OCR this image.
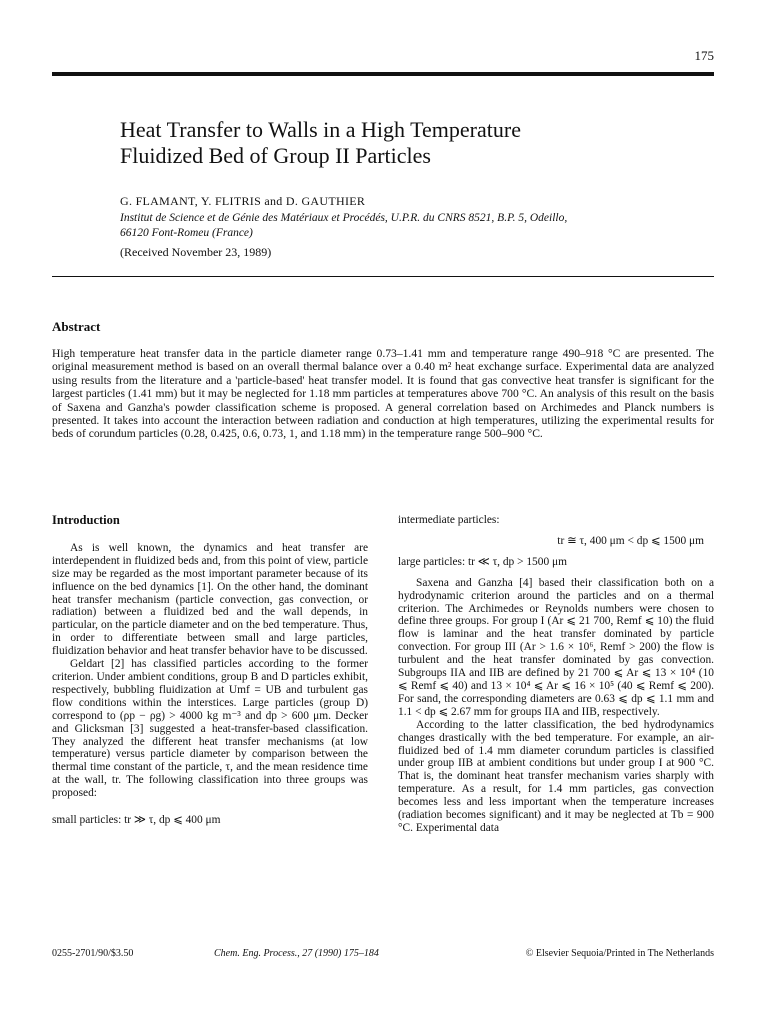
175
Heat Transfer to Walls in a High Temperature
Fluidized Bed of Group II Particles
G. FLAMANT, Y. FLITRIS and D. GAUTHIER
Institut de Science et de Génie des Matériaux et Procédés, U.P.R. du CNRS 8521, B.P. 5, Odeillo,
66120 Font-Romeu (France)
(Received November 23, 1989)
Abstract
High temperature heat transfer data in the particle diameter range 0.73–1.41 mm and temperature range 490–918 °C are presented. The original measurement method is based on an overall thermal balance over a 0.40 m² heat exchange surface. Experimental data are analyzed using results from the literature and a 'particle-based' heat transfer model. It is found that gas convective heat transfer is significant for the largest particles (1.41 mm) but it may be neglected for 1.18 mm particles at temperatures above 700 °C. An analysis of this result on the basis of Saxena and Ganzha's powder classification scheme is proposed. A general correlation based on Archimedes and Planck numbers is presented. It takes into account the interaction between radiation and conduction at high temperatures, utilizing the experimental results for beds of corundum particles (0.28, 0.425, 0.6, 0.73, 1, and 1.18 mm) in the temperature range 500–900 °C.

Introduction

As is well known, the dynamics and heat transfer are interdependent in fluidized beds and, from this point of view, particle size may be regarded as the most important parameter because of its influence on the bed dynamics [1]. On the other hand, the dominant heat transfer mechanism (particle convection, gas convection, or radiation) between a fluidized bed and the wall depends, in particular, on the particle diameter and on the bed temperature. Thus, in order to differentiate between small and large particles, fluidization behavior and heat transfer behavior have to be discussed.

Geldart [2] has classified particles according to the former criterion. Under ambient conditions, group B and D particles exhibit, respectively, bubbling fluidization at Umf = UB and turbulent gas flow conditions within the interstices. Large particles (group D) correspond to (ρp − ρg) > 4000 kg m⁻³ and dp > 600 μm. Decker and Glicksman [3] suggested a heat-transfer-based classification. They analyzed the different heat transfer mechanisms (at low temperature) versus particle diameter by comparison between the thermal time constant of the particle, τ, and the mean residence time at the wall, tr. The following classification into three groups was proposed:

small particles: tr ≫ τ, dp ⩽ 400 μm

intermediate particles:

tr ≅ τ, 400 μm < dp ⩽ 1500 μm

large particles: tr ≪ τ, dp > 1500 μm

Saxena and Ganzha [4] based their classification both on a hydrodynamic criterion around the particles and on a thermal criterion. The Archimedes or Reynolds numbers were chosen to define three groups. For group I (Ar ⩽ 21 700, Remf ⩽ 10) the fluid flow is laminar and the heat transfer dominated by particle convection. For group III (Ar > 1.6 × 10⁶, Remf > 200) the flow is turbulent and the heat transfer dominated by gas convection. Subgroups IIA and IIB are defined by 21 700 ⩽ Ar ⩽ 13 × 10⁴ (10 ⩽ Remf ⩽ 40) and 13 × 10⁴ ⩽ Ar ⩽ 16 × 10⁵ (40 ⩽ Remf ⩽ 200). For sand, the corresponding diameters are 0.63 ⩽ dp ⩽ 1.1 mm and 1.1 < dp ⩽ 2.67 mm for groups IIA and IIB, respectively.

According to the latter classification, the bed hydrodynamics changes drastically with the bed temperature. For example, an air-fluidized bed of 1.4 mm diameter corundum particles is classified under group IIB at ambient conditions but under group I at 900 °C. That is, the dominant heat transfer mechanism varies sharply with temperature. As a result, for 1.4 mm particles, gas convection becomes less and less important when the temperature increases (radiation becomes significant) and it may be neglected at Tb = 900 °C. Experimental data

0255-2701/90/$3.50	Chem. Eng. Process., 27 (1990) 175–184	© Elsevier Sequoia/Printed in The Netherlands
